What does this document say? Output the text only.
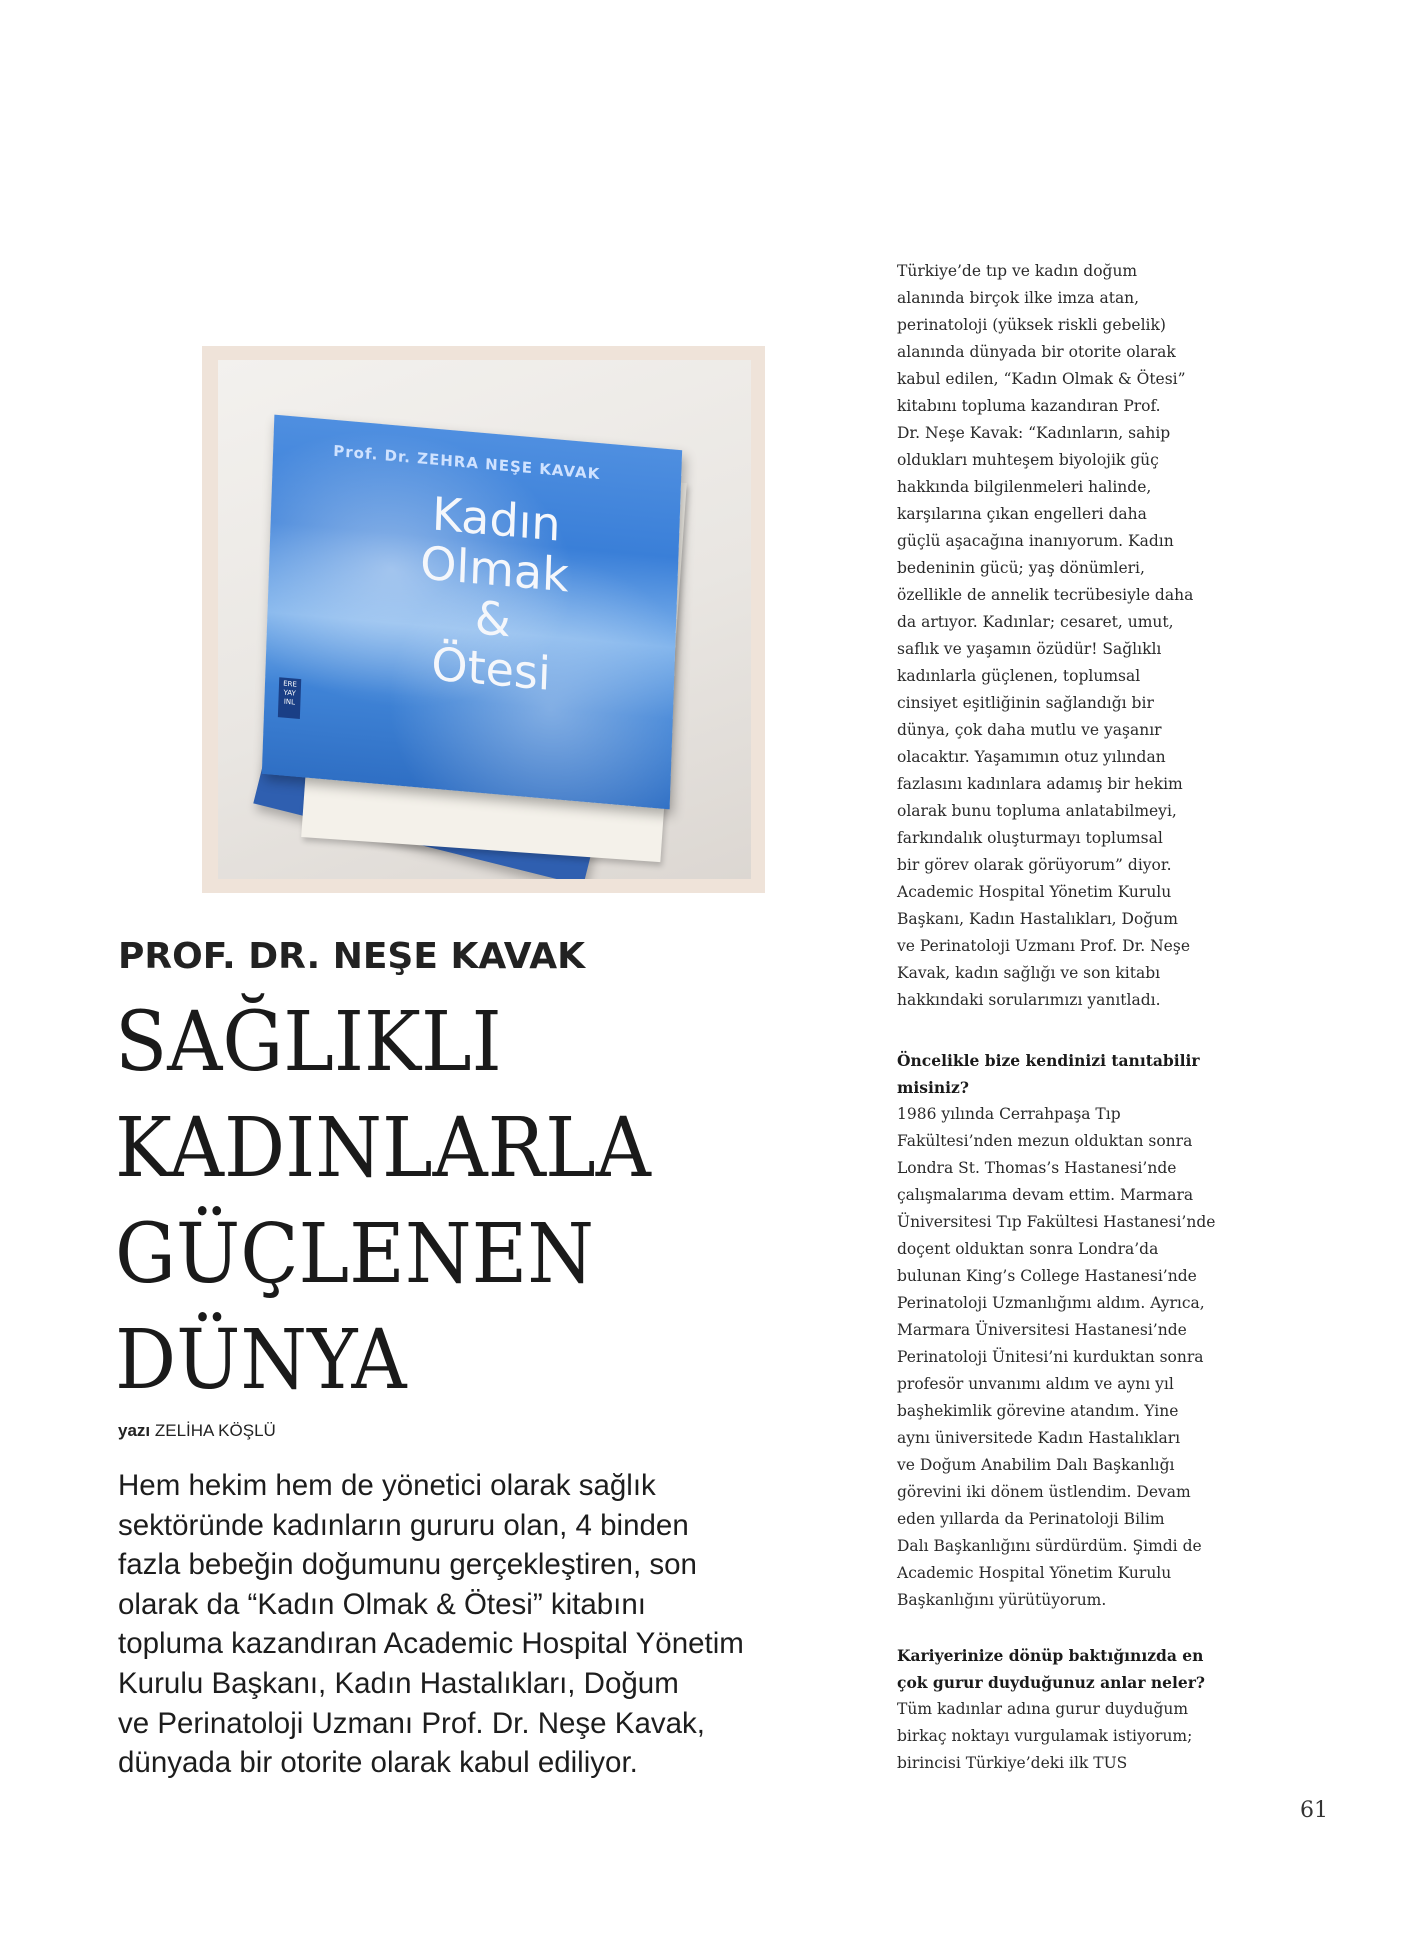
Prof. Dr. ZEHRA NEŞE KAVAK
Kadın
Olmak
&
Ötesi
ERE YAY INL
PROF. DR. NEŞE KAVAK
SAĞLIKLI
KADINLARLA
GÜÇLENEN
DÜNYA
yazı ZELİHA KÖŞLÜ
Hem hekim hem de yönetici olarak sağlık
sektöründe kadınların gururu olan, 4 binden
fazla bebeğin doğumunu gerçekleştiren, son
olarak da “Kadın Olmak & Ötesi” kitabını
topluma kazandıran Academic Hospital Yönetim
Kurulu Başkanı, Kadın Hastalıkları, Doğum
ve Perinatoloji Uzmanı Prof. Dr. Neşe Kavak,
dünyada bir otorite olarak kabul ediliyor.
Türkiye’de tıp ve kadın doğum
alanında birçok ilke imza atan,
perinatoloji (yüksek riskli gebelik)
alanında dünyada bir otorite olarak
kabul edilen, “Kadın Olmak & Ötesi”
kitabını topluma kazandıran Prof.
Dr. Neşe Kavak: “Kadınların, sahip
oldukları muhteşem biyolojik güç
hakkında bilgilenmeleri halinde,
karşılarına çıkan engelleri daha
güçlü aşacağına inanıyorum. Kadın
bedeninin gücü; yaş dönümleri,
özellikle de annelik tecrübesiyle daha
da artıyor. Kadınlar; cesaret, umut,
saflık ve yaşamın özüdür! Sağlıklı
kadınlarla güçlenen, toplumsal
cinsiyet eşitliğinin sağlandığı bir
dünya, çok daha mutlu ve yaşanır
olacaktır. Yaşamımın otuz yılından
fazlasını kadınlara adamış bir hekim
olarak bunu topluma anlatabilmeyi,
farkındalık oluşturmayı toplumsal
bir görev olarak görüyorum” diyor.
Academic Hospital Yönetim Kurulu
Başkanı, Kadın Hastalıkları, Doğum
ve Perinatoloji Uzmanı Prof. Dr. Neşe
Kavak, kadın sağlığı ve son kitabı
hakkındaki sorularımızı yanıtladı.
Öncelikle bize kendinizi tanıtabilir
misiniz?
1986 yılında Cerrahpaşa Tıp
Fakültesi’nden mezun olduktan sonra
Londra St. Thomas’s Hastanesi’nde
çalışmalarıma devam ettim. Marmara
Üniversitesi Tıp Fakültesi Hastanesi’nde
doçent olduktan sonra Londra’da
bulunan King’s College Hastanesi’nde
Perinatoloji Uzmanlığımı aldım. Ayrıca,
Marmara Üniversitesi Hastanesi’nde
Perinatoloji Ünitesi’ni kurduktan sonra
profesör unvanımı aldım ve aynı yıl
başhekimlik görevine atandım. Yine
aynı üniversitede Kadın Hastalıkları
ve Doğum Anabilim Dalı Başkanlığı
görevini iki dönem üstlendim. Devam
eden yıllarda da Perinatoloji Bilim
Dalı Başkanlığını sürdürdüm. Şimdi de
Academic Hospital Yönetim Kurulu
Başkanlığını yürütüyorum.
Kariyerinize dönüp baktığınızda en
çok gurur duyduğunuz anlar neler?
Tüm kadınlar adına gurur duyduğum
birkaç noktayı vurgulamak istiyorum;
birincisi Türkiye’deki ilk TUS
61
